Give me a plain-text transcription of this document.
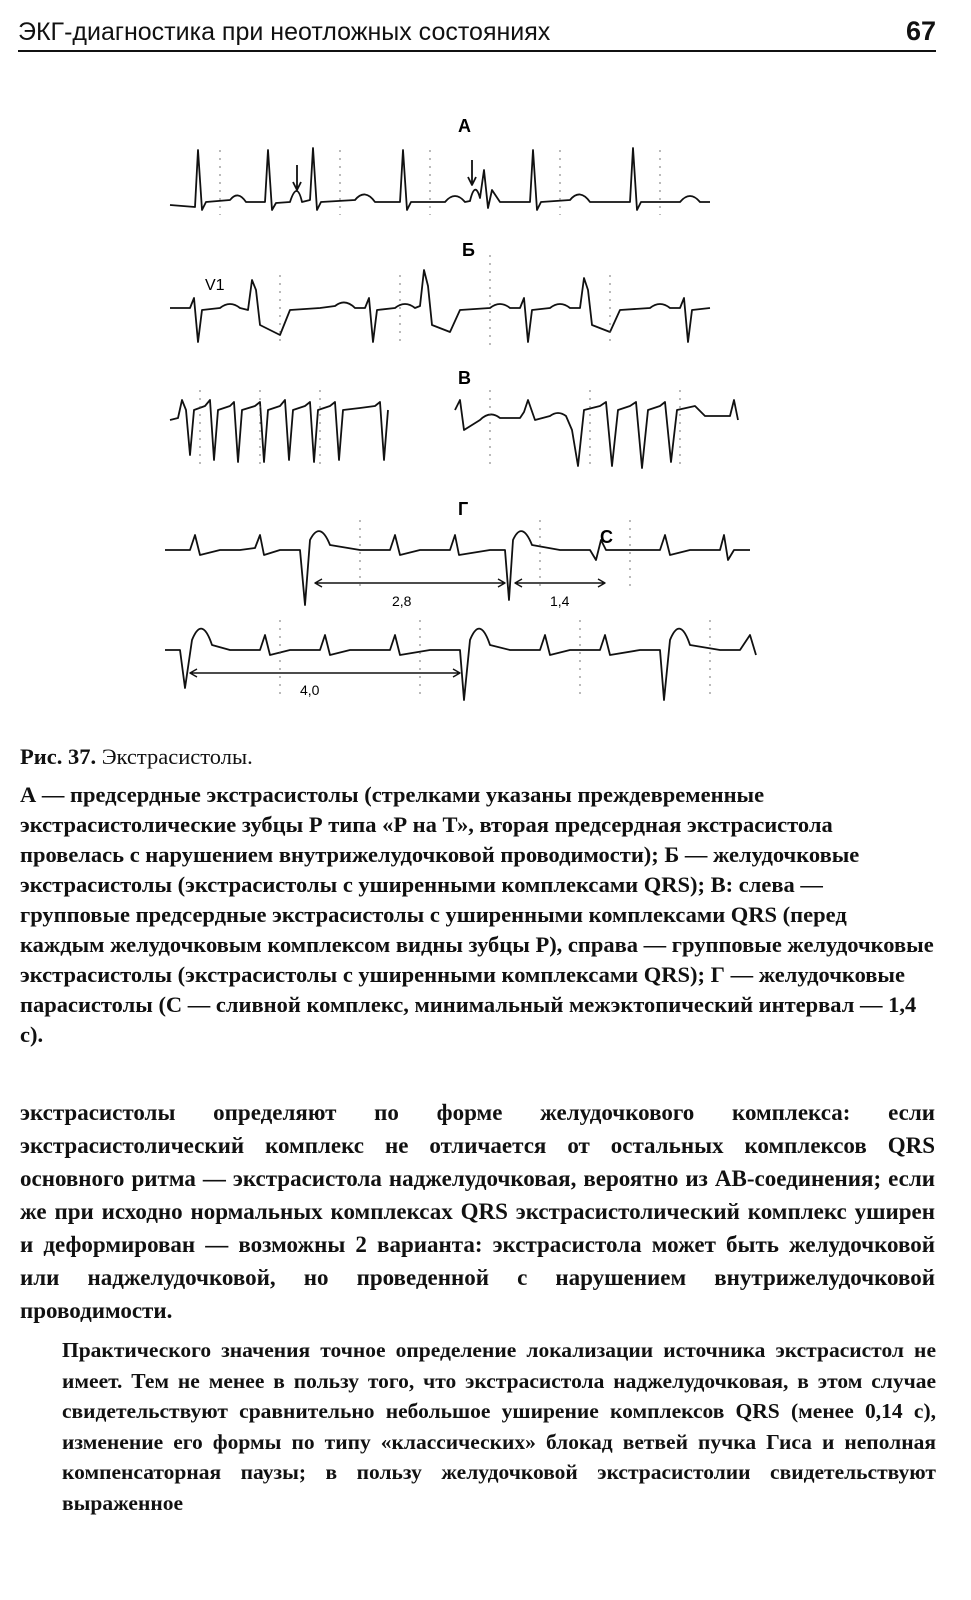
ЭКГ-диагностика при неотложных состояниях	67
А
Б
V1
В
Г
С
2,8	1,4
4,0

Рис. 37. Экстрасистолы.

А — предсердные экстрасистолы (стрелками указаны преждевременные экстрасистолические зубцы Р типа «Р на Т», вторая предсердная экстрасистола провелась с нарушением внутрижелудочковой проводимости); Б — желудочковые экстрасистолы (экстрасистолы с уширенными комплексами QRS); В: слева — групповые предсердные экстрасистолы с уширенными комплексами QRS (перед каждым желудочковым комплексом видны зубцы Р), справа — групповые желудочковые экстрасистолы (экстрасистолы с уширенными комплексами QRS); Г — желудочковые парасистолы (С — сливной комплекс, минимальный межэктопический интервал — 1,4 с).

экстрасистолы определяют по форме желудочкового комплекса: если экстрасистолический комплекс не отличается от остальных комплексов QRS основного ритма — экстрасистола наджелудочковая, вероятно из АВ-соединения; если же при исходно нормальных комплексах QRS экстрасистолический комплекс уширен и деформирован — возможны 2 варианта: экстрасистола может быть желудочковой или наджелудочковой, но проведенной с нарушением внутрижелудочковой проводимости.

Практического значения точное определение локализации источника экстрасистол не имеет. Тем не менее в пользу того, что экстрасистола наджелудочковая, в этом случае свидетельствуют сравнительно небольшое уширение комплексов QRS (менее 0,14 с), изменение его формы по типу «классических» блокад ветвей пучка Гиса и неполная компенсаторная паузы; в пользу желудочковой экстрасистолии свидетельствуют выраженное
